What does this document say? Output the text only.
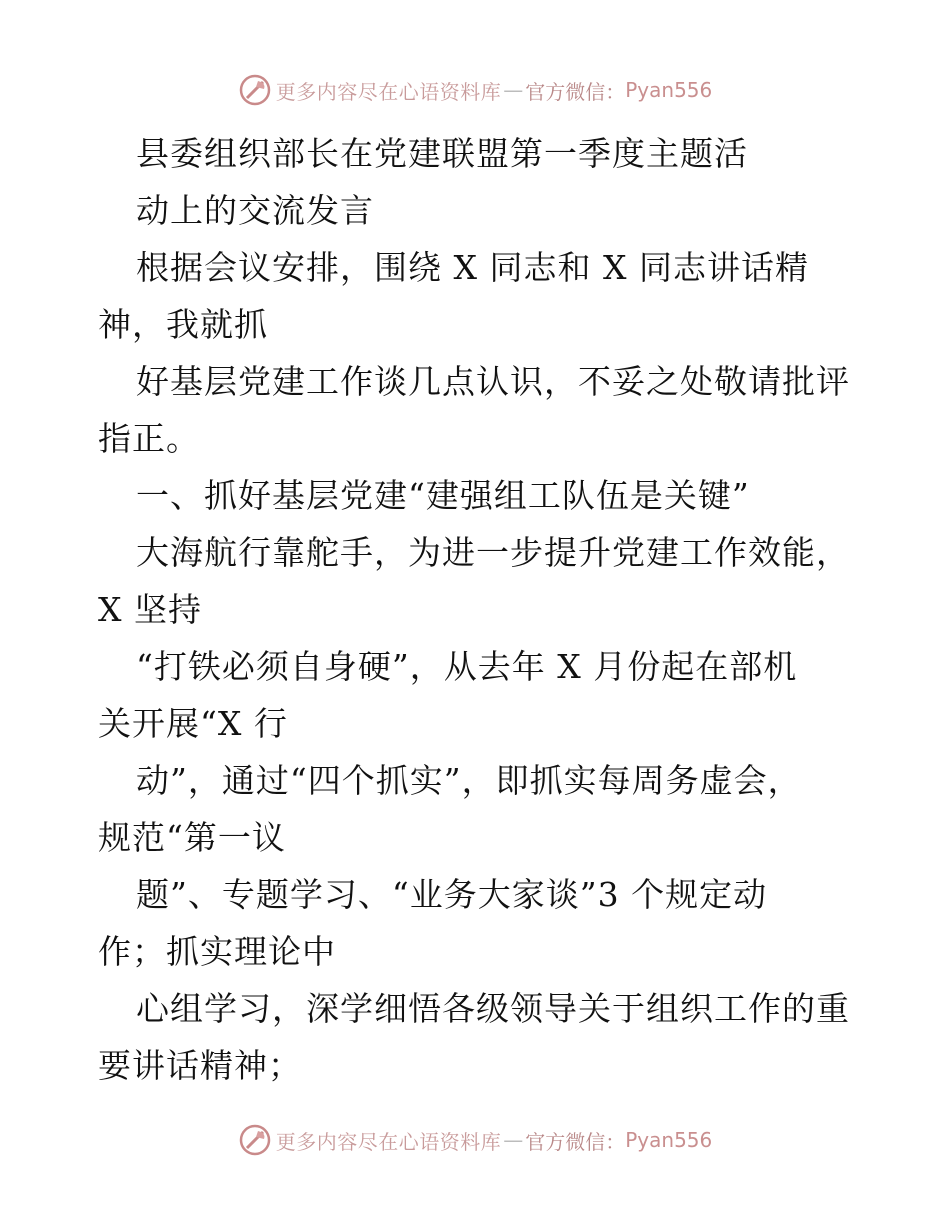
更多内容尽在心语资料库 — 官方微信： Pyan556
县委组织部长在党建联盟第一季度主题活
动上的交流发言
根据会议安排，围绕 X 同志和 X 同志讲话精
神，我就抓
好基层党建工作谈几点认识，不妥之处敬请批评
指正。
一、抓好基层党建“建强组工队伍是关键”
大海航行靠舵手，为进一步提升党建工作效能，
X 坚持
“打铁必须自身硬”，从去年 X 月份起在部机
关开展“X 行
动”，通过“四个抓实”，即抓实每周务虚会，
规范“第一议
题”、专题学习、“业务大家谈”3 个规定动
作；抓实理论中
心组学习，深学细悟各级领导关于组织工作的重
要讲话精神；
更多内容尽在心语资料库 — 官方微信： Pyan556
